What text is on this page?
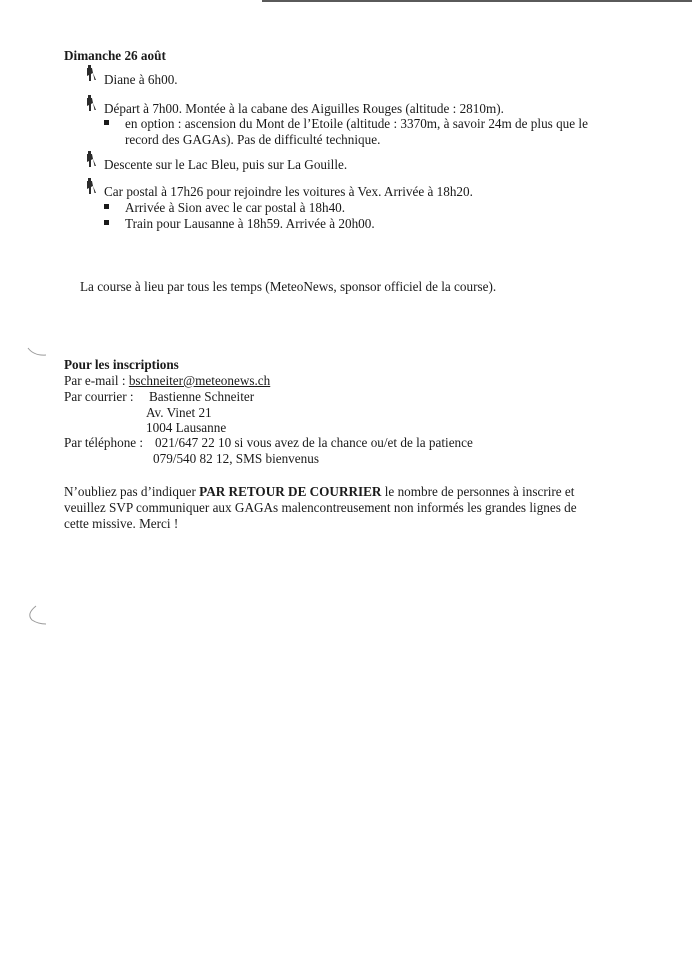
Dimanche 26 août
Diane à 6h00.
Départ à 7h00. Montée à la cabane des Aiguilles Rouges (altitude : 2810m).
en option : ascension du Mont de l’Etoile (altitude : 3370m, à savoir 24m de plus que le
record des GAGAs). Pas de difficulté technique.
Descente sur le Lac Bleu, puis sur La Gouille.
Car postal à 17h26 pour rejoindre les voitures à Vex. Arrivée à 18h20.
Arrivée à Sion avec le car postal à 18h40.
Train pour Lausanne à 18h59. Arrivée à 20h00.
La course à lieu par tous les temps (MeteoNews, sponsor officiel de la course).
Pour les inscriptions
Par e-mail : bschneiter@meteonews.ch
Par courrier : Bastienne Schneiter
Av. Vinet 21
1004 Lausanne
Par téléphone : 021/647 22 10 si vous avez de la chance ou/et de la patience
079/540 82 12, SMS bienvenus
N’oubliez pas d’indiquer PAR RETOUR DE COURRIER le nombre de personnes à inscrire et
veuillez SVP communiquer aux GAGAs malencontreusement non informés les grandes lignes de
cette missive. Merci !
